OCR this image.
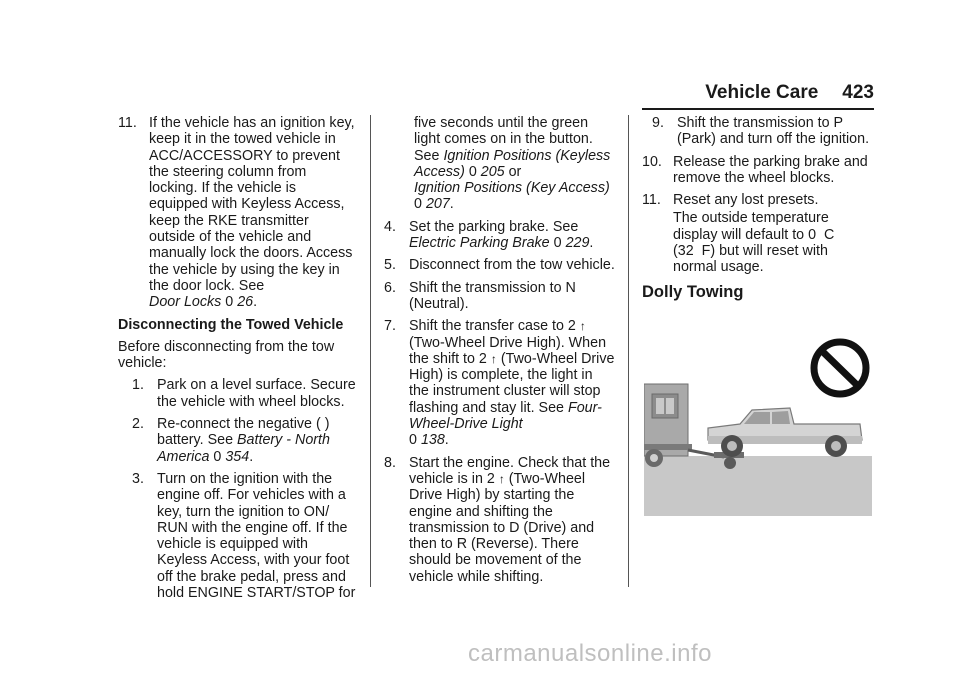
Vehicle Care 423
11. If the vehicle has an ignition key, keep it in the towed vehicle in ACC/ACCESSORY to prevent the steering column from locking. If the vehicle is equipped with Keyless Access, keep the RKE transmitter outside of the vehicle and manually lock the doors. Access the vehicle by using the key in the door lock. See
Door Locks 0 26.
Disconnecting the Towed Vehicle
Before disconnecting from the tow vehicle:
1. Park on a level surface. Secure the vehicle with wheel blocks.
2. Re-connect the negative ( ) battery. See Battery - North America 0 354.
3. Turn on the ignition with the engine off. For vehicles with a key, turn the ignition to ON/ RUN with the engine off. If the vehicle is equipped with Keyless Access, with your foot off the brake pedal, press and hold ENGINE START/STOP for
five seconds until the green light comes on in the button. See Ignition Positions (Keyless Access) 0 205 or
Ignition Positions (Key Access)
0 207.
4. Set the parking brake. See Electric Parking Brake 0 229.
5. Disconnect from the tow vehicle.
6. Shift the transmission to N (Neutral).
7. Shift the transfer case to 2 ↑ (Two-Wheel Drive High). When the shift to 2 ↑ (Two-Wheel Drive High) is complete, the light in the instrument cluster will stop flashing and stay lit. See Four-Wheel-Drive Light
0 138.
8. Start the engine. Check that the vehicle is in 2 ↑ (Two-Wheel Drive High) by starting the engine and shifting the transmission to D (Drive) and then to R (Reverse). There should be movement of the vehicle while shifting.
9. Shift the transmission to P (Park) and turn off the ignition.
10. Release the parking brake and remove the wheel blocks.
11. Reset any lost presets.
The outside temperature display will default to 0  C (32  F) but will reset with normal usage.
Dolly Towing
carmanualsonline.info
